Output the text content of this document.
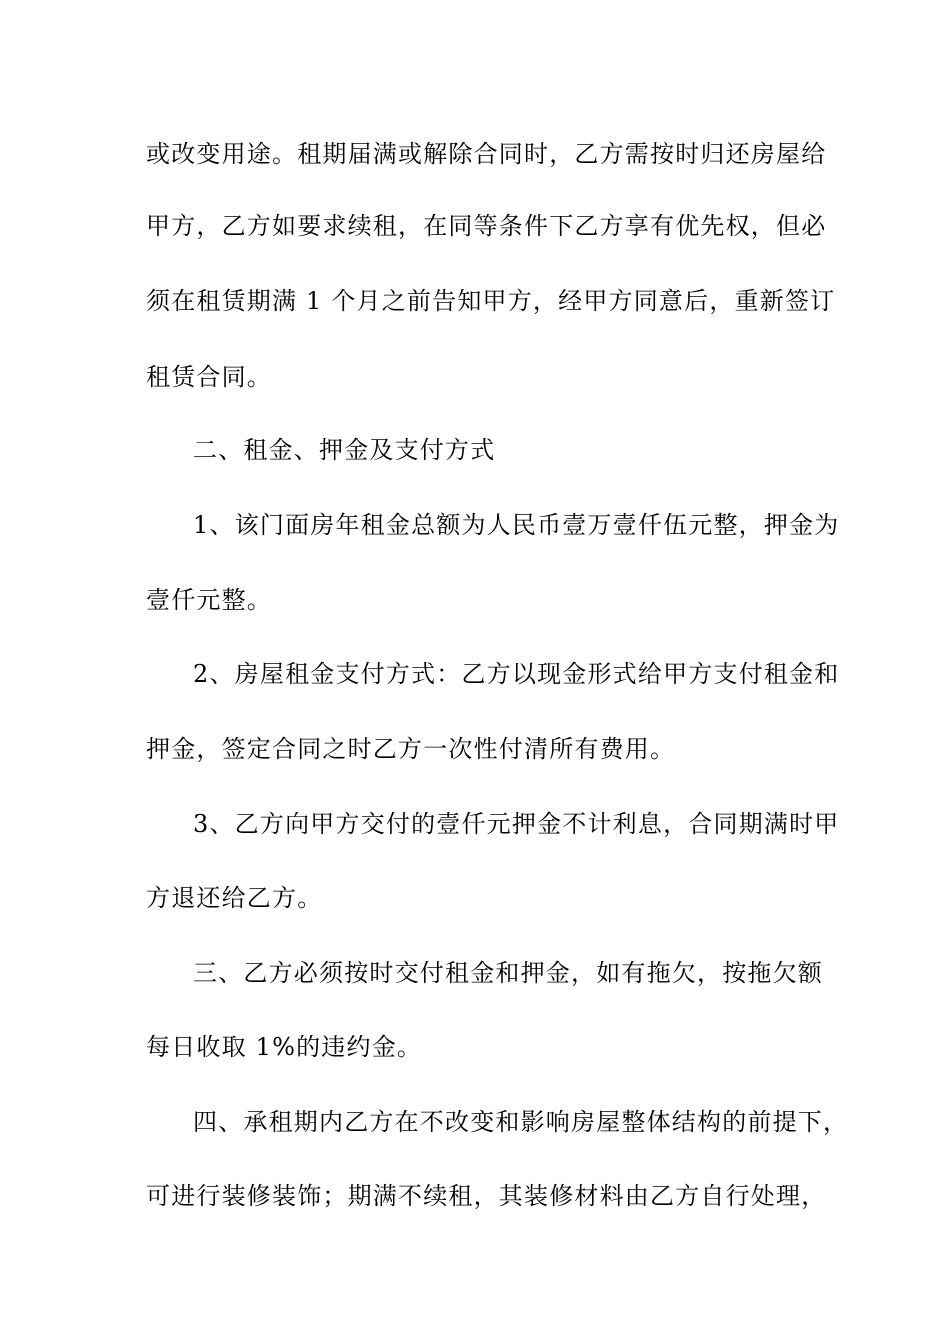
或改变用途。租期届满或解除合同时，乙方需按时归还房屋给
甲方，乙方如要求续租，在同等条件下乙方享有优先权，但必
须在租赁期满 1 个月之前告知甲方，经甲方同意后，重新签订
租赁合同。
二、租金、押金及支付方式
1、该门面房年租金总额为人民币壹万壹仟伍元整，押金为
壹仟元整。
2、房屋租金支付方式：乙方以现金形式给甲方支付租金和
押金，签定合同之时乙方一次性付清所有费用。
3、乙方向甲方交付的壹仟元押金不计利息，合同期满时甲
方退还给乙方。
三、乙方必须按时交付租金和押金，如有拖欠，按拖欠额
每日收取 1%的违约金。
四、承租期内乙方在不改变和影响房屋整体结构的前提下，
可进行装修装饰；期满不续租，其装修材料由乙方自行处理，
